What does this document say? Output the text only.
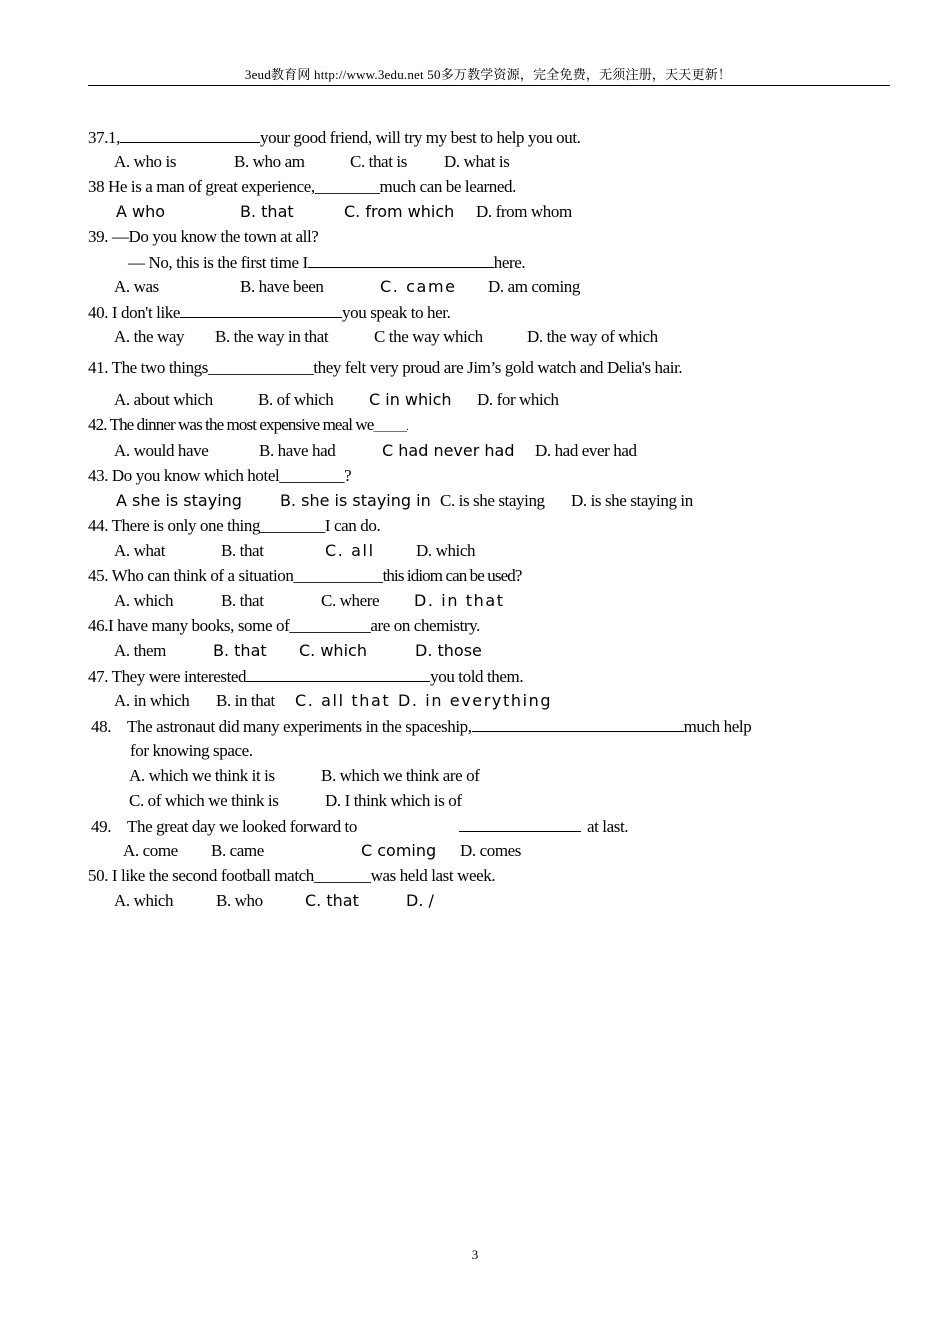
3eud教育网 http://www.3edu.net 50多万教学资源，完全免费，无须注册，天天更新！
37.1,	your good friend, will try my best to help you out.
A. who is	B. who am	C. that is D. what is
38 He is a man of great experience,________much can be learned.
A who	B. that	C. from which D. from whom
39. —Do you know the town at all?
— No, this is the first time I	here.
A. was	B. have been	C. came D. am coming
40. I don't like	you speak to her.
A. the way B. the way in that	C the way which	D. the way of which
41. The two things_____________they felt very proud are Jim’s gold watch and Delia's hair.
A. about which	B. of which C in which D. for which
42. The dinner was the most expensive meal we________.
A. would have	B. have had	C had never had D. had ever had
43. Do you know which hotel________?
A she is staying B. she is staying in C. is she staying D. is she staying in
44. There is only one thing________I can do.
A. what	B. that	C. all D. which
45. Who can think of a situation___________this idiom can be used?
A. which	B. that	C. where D. in that
46.I have many books, some of__________are on chemistry.
A. them	B. that C. which	D. those
47. They were interested	you told them.
A. in which B. in that C. all that D. in everything
48. The astronaut did many experiments in the spaceship,	much help
for knowing space.
A. which we think it is	B. which we think are of
C. of which we think is	D. I think which is of
49. The great day we looked forward to	at last.
A. come B. came	C coming D. comes
50. I like the second football match_______was held last week.
A. which	B. who	C. that	D. /
3
